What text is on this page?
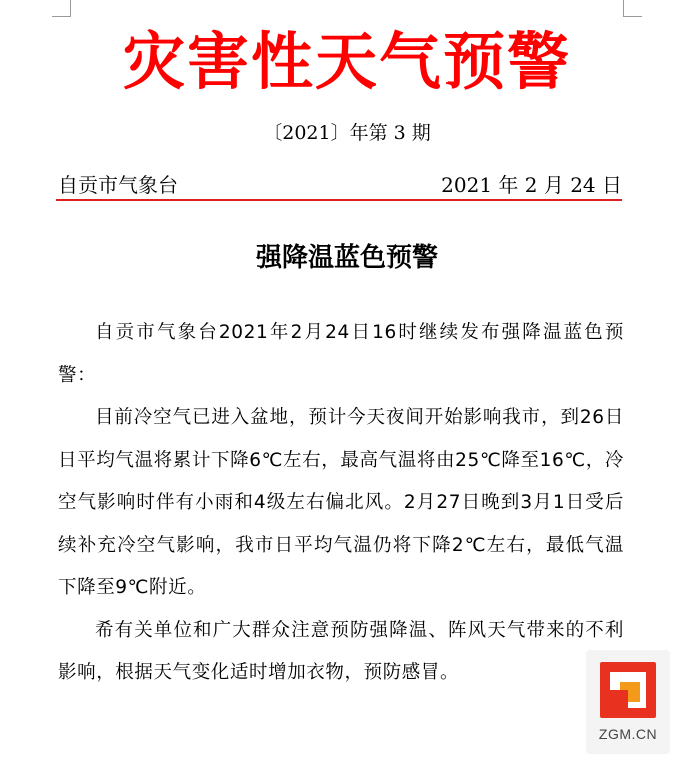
灾害性天气预警
〔2021〕年第 3 期
自贡市气象台	2021 年 2 月 24 日
强降温蓝色预警

自贡市气象台2021年2月24日16时继续发布强降温蓝色预警：

目前冷空气已进入盆地，预计今天夜间开始影响我市，到26日日平均气温将累计下降6℃左右，最高气温将由25℃降至16℃，冷空气影响时伴有小雨和4级左右偏北风。2月27日晚到3月1日受后续补充冷空气影响，我市日平均气温仍将下降2℃左右，最低气温下降至9℃附近。

希有关单位和广大群众注意预防强降温、阵风天气带来的不利影响，根据天气变化适时增加衣物，预防感冒。

ZGM.CN
